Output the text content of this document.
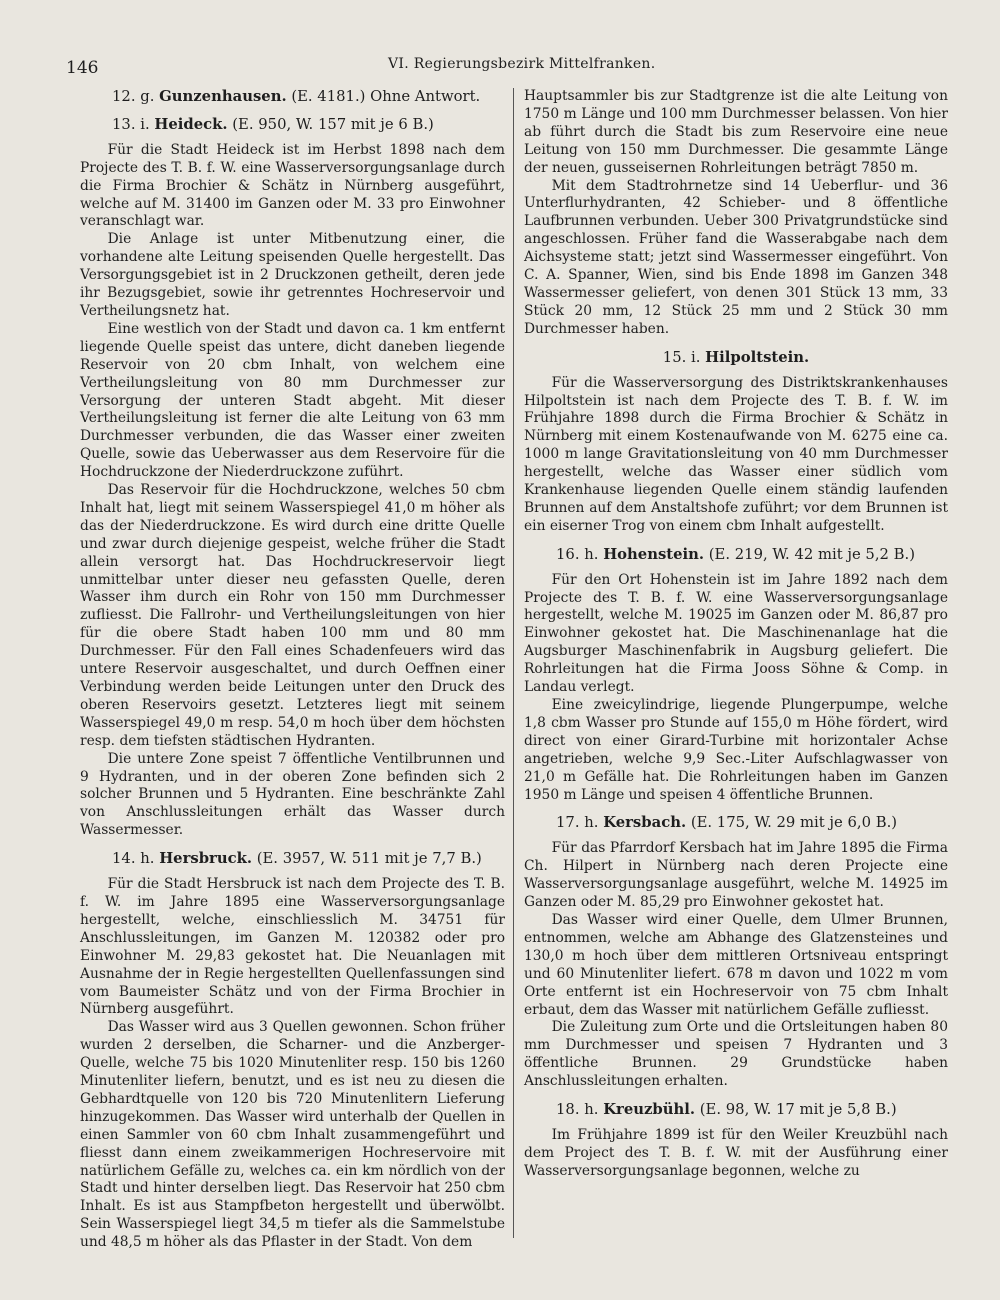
146	VI. Regierungsbezirk Mittelfranken.
12. g. Gunzenhausen. (E. 4181.) Ohne Antwort.
13. i. Heideck. (E. 950, W. 157 mit je 6 B.)

Für die Stadt Heideck ist im Herbst 1898 nach dem Projecte des T. B. f. W. eine Wasserversorgungsanlage durch die Firma Brochier & Schätz in Nürnberg ausgeführt, welche auf M. 31400 im Ganzen oder M. 33 pro Einwohner veranschlagt war.

Die Anlage ist unter Mitbenutzung einer, die vorhandene alte Leitung speisenden Quelle hergestellt. Das Versorgungsgebiet ist in 2 Druckzonen getheilt, deren jede ihr Bezugsgebiet, sowie ihr getrenntes Hochreservoir und Vertheilungsnetz hat.

Eine westlich von der Stadt und davon ca. 1 km entfernt liegende Quelle speist das untere, dicht daneben liegende Reservoir von 20 cbm Inhalt, von welchem eine Vertheilungsleitung von 80 mm Durchmesser zur Versorgung der unteren Stadt abgeht. Mit dieser Vertheilungsleitung ist ferner die alte Leitung von 63 mm Durchmesser verbunden, die das Wasser einer zweiten Quelle, sowie das Ueberwasser aus dem Reservoire für die Hochdruckzone der Niederdruckzone zuführt.

Das Reservoir für die Hochdruckzone, welches 50 cbm Inhalt hat, liegt mit seinem Wasserspiegel 41,0 m höher als das der Niederdruckzone. Es wird durch eine dritte Quelle und zwar durch diejenige gespeist, welche früher die Stadt allein versorgt hat. Das Hochdruckreservoir liegt unmittelbar unter dieser neu gefassten Quelle, deren Wasser ihm durch ein Rohr von 150 mm Durchmesser zufliesst. Die Fallrohr- und Vertheilungsleitungen von hier für die obere Stadt haben 100 mm und 80 mm Durchmesser. Für den Fall eines Schadenfeuers wird das untere Reservoir ausgeschaltet, und durch Oeffnen einer Verbindung werden beide Leitungen unter den Druck des oberen Reservoirs gesetzt. Letzteres liegt mit seinem Wasserspiegel 49,0 m resp. 54,0 m hoch über dem höchsten resp. dem tiefsten städtischen Hydranten.

Die untere Zone speist 7 öffentliche Ventilbrunnen und 9 Hydranten, und in der oberen Zone befinden sich 2 solcher Brunnen und 5 Hydranten. Eine beschränkte Zahl von Anschlussleitungen erhält das Wasser durch Wassermesser.

14. h. Hersbruck. (E. 3957, W. 511 mit je 7,7 B.)

Für die Stadt Hersbruck ist nach dem Projecte des T. B. f. W. im Jahre 1895 eine Wasserversorgungsanlage hergestellt, welche, einschliesslich M. 34751 für Anschlussleitungen, im Ganzen M. 120382 oder pro Einwohner M. 29,83 gekostet hat. Die Neuanlagen mit Ausnahme der in Regie hergestellten Quellenfassungen sind vom Baumeister Schätz und von der Firma Brochier in Nürnberg ausgeführt.

Das Wasser wird aus 3 Quellen gewonnen. Schon früher wurden 2 derselben, die Scharner- und die Anzberger-Quelle, welche 75 bis 1020 Minutenliter resp. 150 bis 1260 Minutenliter liefern, benutzt, und es ist neu zu diesen die Gebhardtquelle von 120 bis 720 Minutenlitern Lieferung hinzugekommen. Das Wasser wird unterhalb der Quellen in einen Sammler von 60 cbm Inhalt zusammengeführt und fliesst dann einem zweikammerigen Hochreservoire mit natürlichem Gefälle zu, welches ca. ein km nördlich von der Stadt und hinter derselben liegt. Das Reservoir hat 250 cbm Inhalt. Es ist aus Stampfbeton hergestellt und überwölbt. Sein Wasserspiegel liegt 34,5 m tiefer als die Sammelstube und 48,5 m höher als das Pflaster in der Stadt. Von dem

Hauptsammler bis zur Stadtgrenze ist die alte Leitung von 1750 m Länge und 100 mm Durchmesser belassen. Von hier ab führt durch die Stadt bis zum Reservoire eine neue Leitung von 150 mm Durchmesser. Die gesammte Länge der neuen, gusseisernen Rohrleitungen beträgt 7850 m.

Mit dem Stadtrohrnetze sind 14 Ueberflur- und 36 Unterflurhydranten, 42 Schieber- und 8 öffentliche Laufbrunnen verbunden. Ueber 300 Privatgrundstücke sind angeschlossen. Früher fand die Wasserabgabe nach dem Aichsysteme statt; jetzt sind Wassermesser eingeführt. Von C. A. Spanner, Wien, sind bis Ende 1898 im Ganzen 348 Wassermesser geliefert, von denen 301 Stück 13 mm, 33 Stück 20 mm, 12 Stück 25 mm und 2 Stück 30 mm Durchmesser haben.

15. i. Hilpoltstein.

Für die Wasserversorgung des Distriktskrankenhauses Hilpoltstein ist nach dem Projecte des T. B. f. W. im Frühjahre 1898 durch die Firma Brochier & Schätz in Nürnberg mit einem Kostenaufwande von M. 6275 eine ca. 1000 m lange Gravitationsleitung von 40 mm Durchmesser hergestellt, welche das Wasser einer südlich vom Krankenhause liegenden Quelle einem ständig laufenden Brunnen auf dem Anstaltshofe zuführt; vor dem Brunnen ist ein eiserner Trog von einem cbm Inhalt aufgestellt.

16. h. Hohenstein. (E. 219, W. 42 mit je 5,2 B.)

Für den Ort Hohenstein ist im Jahre 1892 nach dem Projecte des T. B. f. W. eine Wasserversorgungsanlage hergestellt, welche M. 19025 im Ganzen oder M. 86,87 pro Einwohner gekostet hat. Die Maschinenanlage hat die Augsburger Maschinenfabrik in Augsburg geliefert. Die Rohrleitungen hat die Firma Jooss Söhne & Comp. in Landau verlegt.

Eine zweicylindrige, liegende Plungerpumpe, welche 1,8 cbm Wasser pro Stunde auf 155,0 m Höhe fördert, wird direct von einer Girard-Turbine mit horizontaler Achse angetrieben, welche 9,9 Sec.-Liter Aufschlagwasser von 21,0 m Gefälle hat. Die Rohrleitungen haben im Ganzen 1950 m Länge und speisen 4 öffentliche Brunnen.

17. h. Kersbach. (E. 175, W. 29 mit je 6,0 B.)

Für das Pfarrdorf Kersbach hat im Jahre 1895 die Firma Ch. Hilpert in Nürnberg nach deren Projecte eine Wasserversorgungsanlage ausgeführt, welche M. 14925 im Ganzen oder M. 85,29 pro Einwohner gekostet hat.

Das Wasser wird einer Quelle, dem Ulmer Brunnen, entnommen, welche am Abhange des Glatzensteines und 130,0 m hoch über dem mittleren Ortsniveau entspringt und 60 Minutenliter liefert. 678 m davon und 1022 m vom Orte entfernt ist ein Hochreservoir von 75 cbm Inhalt erbaut, dem das Wasser mit natürlichem Gefälle zufliesst.

Die Zuleitung zum Orte und die Ortsleitungen haben 80 mm Durchmesser und speisen 7 Hydranten und 3 öffentliche Brunnen. 29 Grundstücke haben Anschlussleitungen erhalten.

18. h. Kreuzbühl. (E. 98, W. 17 mit je 5,8 B.)

Im Frühjahre 1899 ist für den Weiler Kreuzbühl nach dem Project des T. B. f. W. mit der Ausführung einer Wasserversorgungsanlage begonnen, welche zu
